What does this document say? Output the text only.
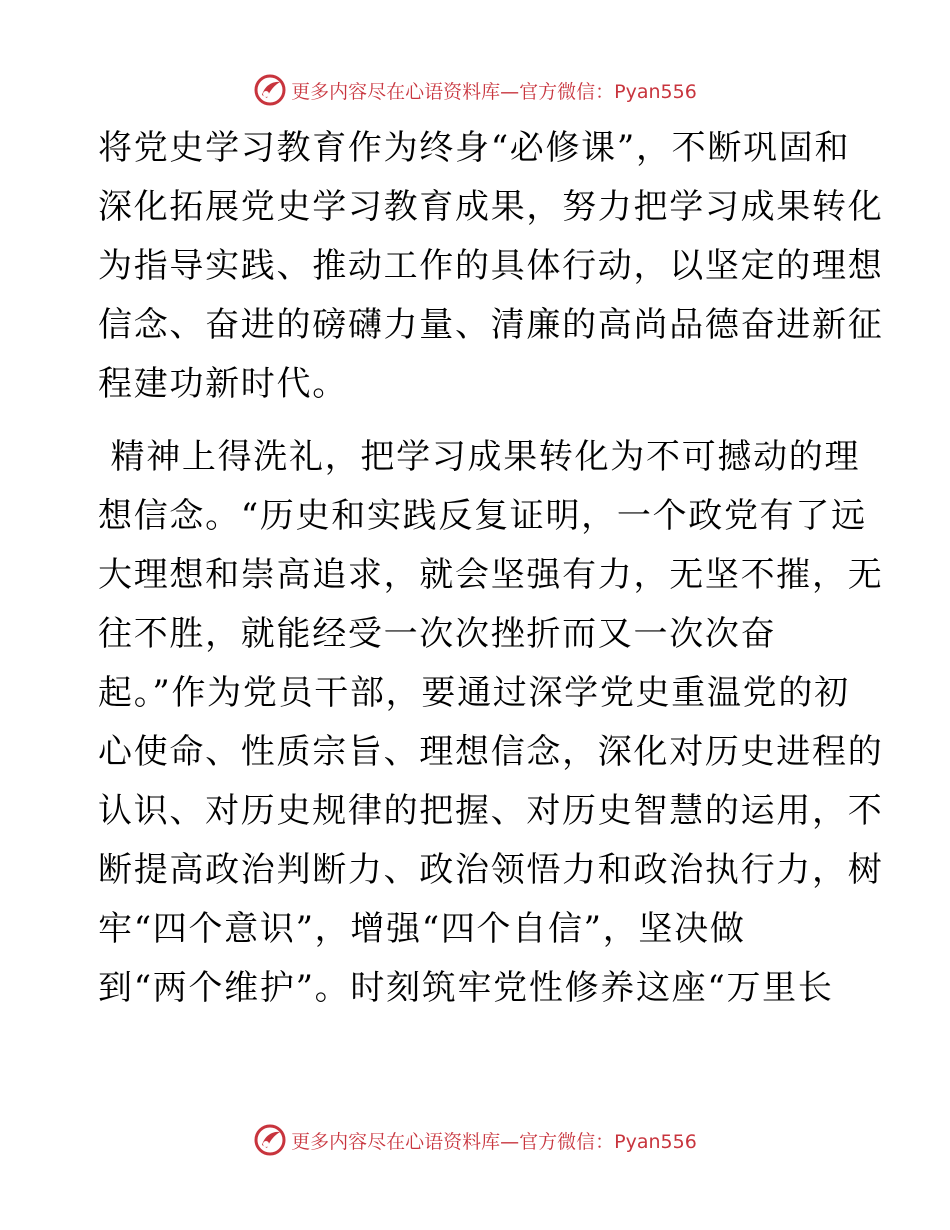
更多内容尽在心语资料库—官方微信：Pyan556
将党史学习教育作为终身“必修课”，不断巩固和
深化拓展党史学习教育成果，努力把学习成果转化
为指导实践、推动工作的具体行动，以坚定的理想
信念、奋进的磅礴力量、清廉的高尚品德奋进新征
程建功新时代。
精神上得洗礼，把学习成果转化为不可撼动的理
想信念。“历史和实践反复证明，一个政党有了远
大理想和崇高追求，就会坚强有力，无坚不摧，无
往不胜，就能经受一次次挫折而又一次次奋
起。”作为党员干部，要通过深学党史重温党的初
心使命、性质宗旨、理想信念，深化对历史进程的
认识、对历史规律的把握、对历史智慧的运用，不
断提高政治判断力、政治领悟力和政治执行力，树
牢“四个意识”，增强“四个自信”，坚决做
到“两个维护”。时刻筑牢党性修养这座“万里长
更多内容尽在心语资料库—官方微信：Pyan556
